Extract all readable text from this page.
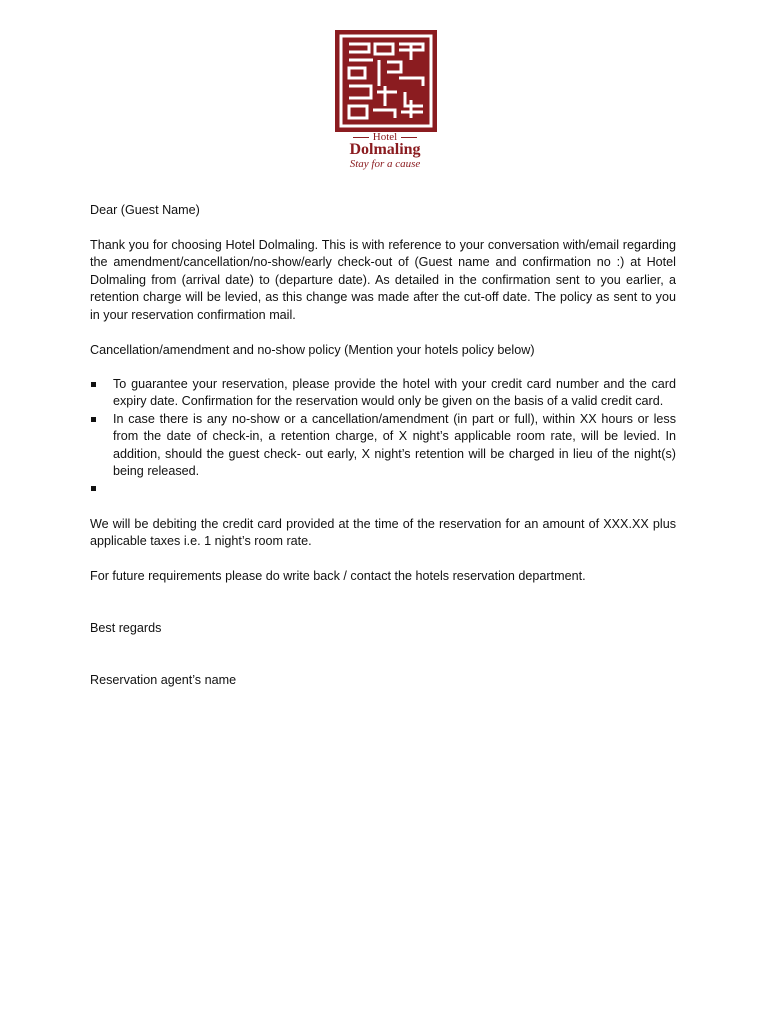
Hotel
Dolmaling
Stay for a cause

Dear (Guest Name)

Thank you for choosing Hotel Dolmaling. This is with reference to your conversation with/email regarding the amendment/cancellation/no-show/early check-out of (Guest name and confirmation no :) at Hotel Dolmaling from (arrival date) to (departure date). As detailed in the confirmation sent to you earlier, a retention charge will be levied, as this change was made after the cut-off date. The policy as sent to you in your reservation confirmation mail.

Cancellation/amendment and no-show policy (Mention your hotels policy below)

To guarantee your reservation, please provide the hotel with your credit card number and the card expiry date. Confirmation for the reservation would only be given on the basis of a valid credit card.
In case there is any no-show or a cancellation/amendment (in part or full), within XX hours or less from the date of check-in, a retention charge, of X night’s applicable room rate, will be levied. In addition, should the guest check- out early, X night’s retention will be charged in lieu of the night(s) being released.

We will be debiting the credit card provided at the time of the reservation for an amount of XXX.XX plus applicable taxes i.e. 1 night’s room rate.

For future requirements please do write back / contact the hotels reservation department.

Best regards

Reservation agent’s name
